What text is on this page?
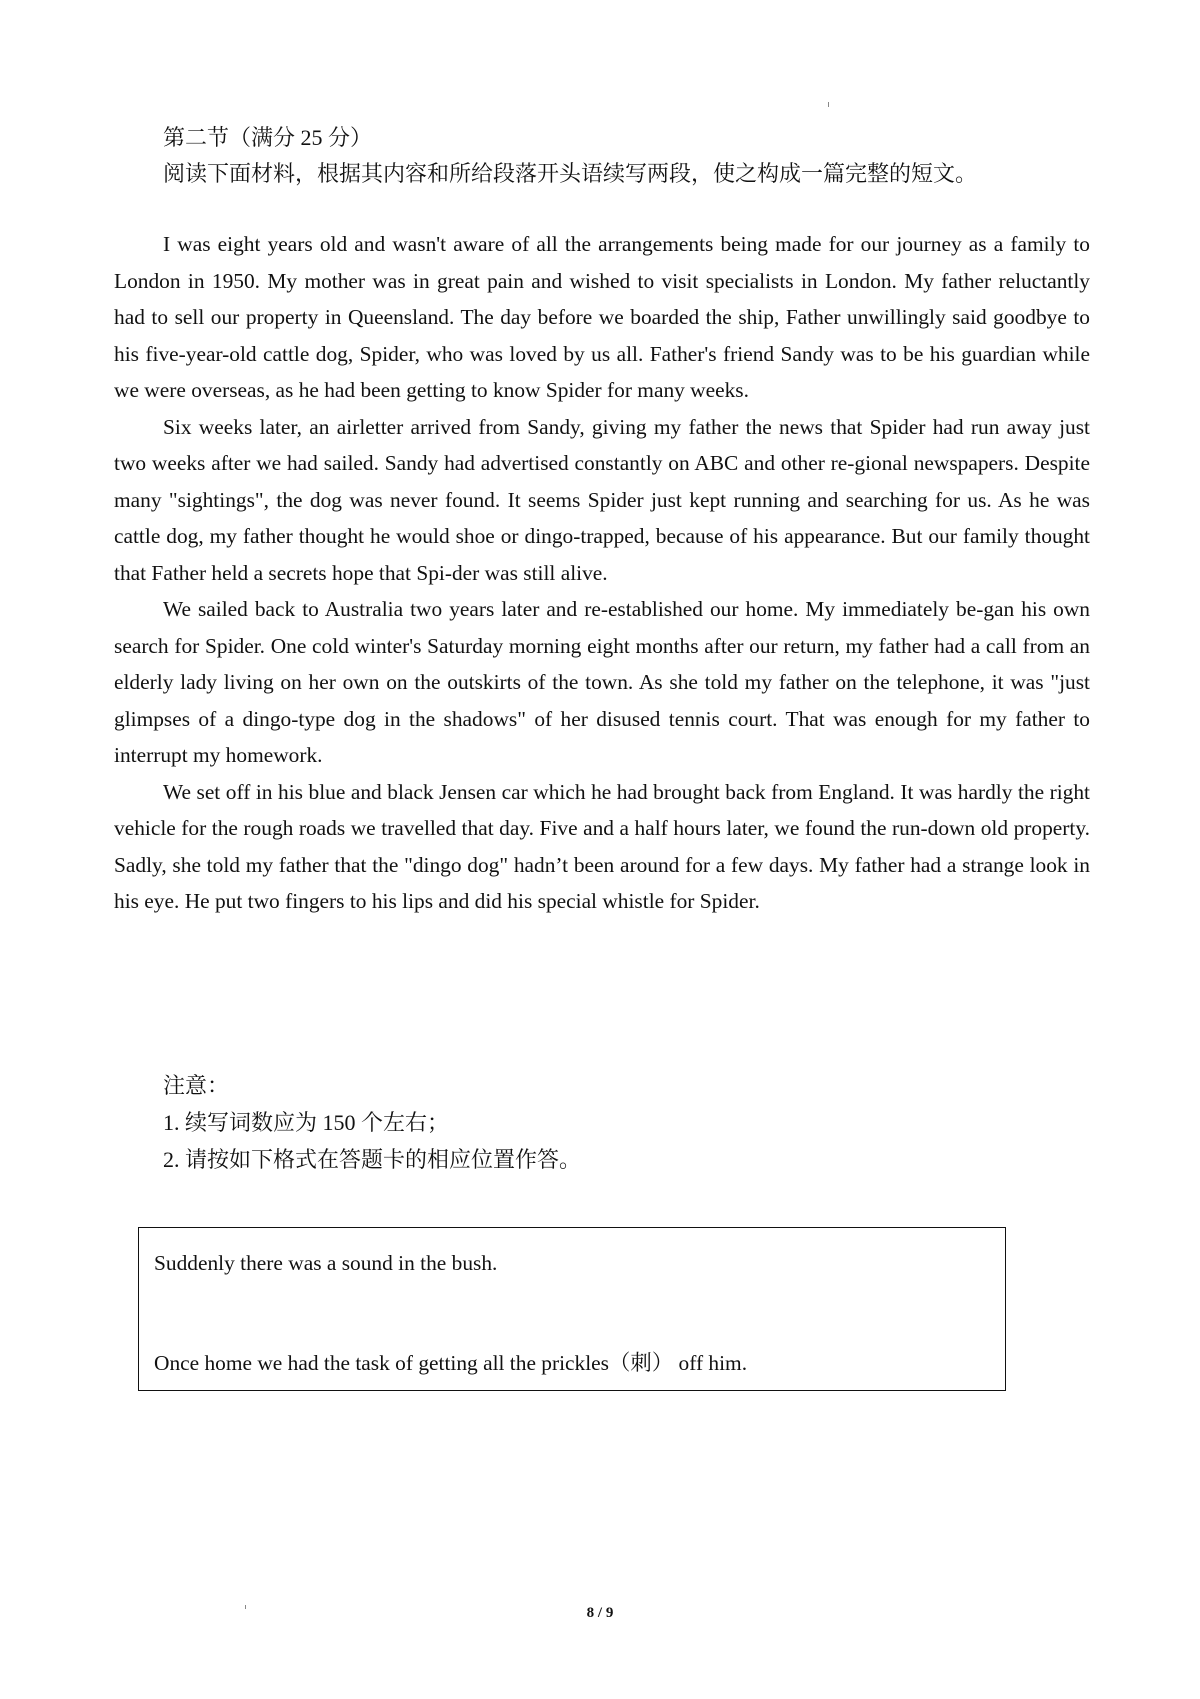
第二节（满分 25 分）
阅读下面材料，根据其内容和所给段落开头语续写两段，使之构成一篇完整的短文。

I was eight years old and wasn't aware of all the arrangements being made for our journey as a family to London in 1950. My mother was in great pain and wished to visit specialists in London. My father reluctantly had to sell our property in Queensland. The day before we boarded the ship, Father unwillingly said goodbye to his five-year-old cattle dog, Spider, who was loved by us all. Father's friend Sandy was to be his guardian while we were overseas, as he had been getting to know Spider for many weeks.

Six weeks later, an airletter arrived from Sandy, giving my father the news that Spider had run away just two weeks after we had sailed. Sandy had advertised constantly on ABC and other re-gional newspapers. Despite many "sightings", the dog was never found. It seems Spider just kept running and searching for us. As he was cattle dog, my father thought he would shoe or dingo-trapped, because of his appearance. But our family thought that Father held a secrets hope that Spi-der was still alive.

We sailed back to Australia two years later and re-established our home. My immediately be-gan his own search for Spider. One cold winter's Saturday morning eight months after our return, my father had a call from an elderly lady living on her own on the outskirts of the town. As she told my father on the telephone, it was "just glimpses of a dingo-type dog in the shadows" of her disused tennis court. That was enough for my father to interrupt my homework.

We set off in his blue and black Jensen car which he had brought back from England. It was hardly the right vehicle for the rough roads we travelled that day. Five and a half hours later, we found the run-down old property. Sadly, she told my father that the "dingo dog" hadn’t been around for a few days. My father had a strange look in his eye. He put two fingers to his lips and did his special whistle for Spider.

注意：
1. 续写词数应为 150 个左右；
2. 请按如下格式在答题卡的相应位置作答。
Suddenly there was a sound in the bush.
Once home we had the task of getting all the prickles（刺） off him.
8 / 9
